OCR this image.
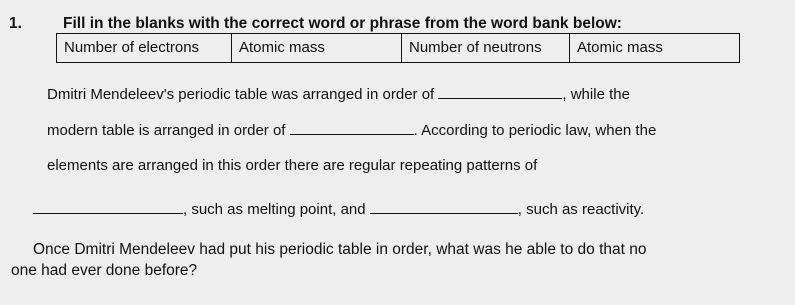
1.	Fill in the blanks with the correct word or phrase from the word bank below:
Number of electrons	Atomic mass	Number of neutrons	Atomic mass
Dmitri Mendeleev's periodic table was arranged in order of	, while the
modern table is arranged in order of	. According to periodic law, when the
elements are arranged in this order there are regular repeating patterns of
, such as melting point, and	, such as reactivity.
Once Dmitri Mendeleev had put his periodic table in order, what was he able to do that no
one had ever done before?
